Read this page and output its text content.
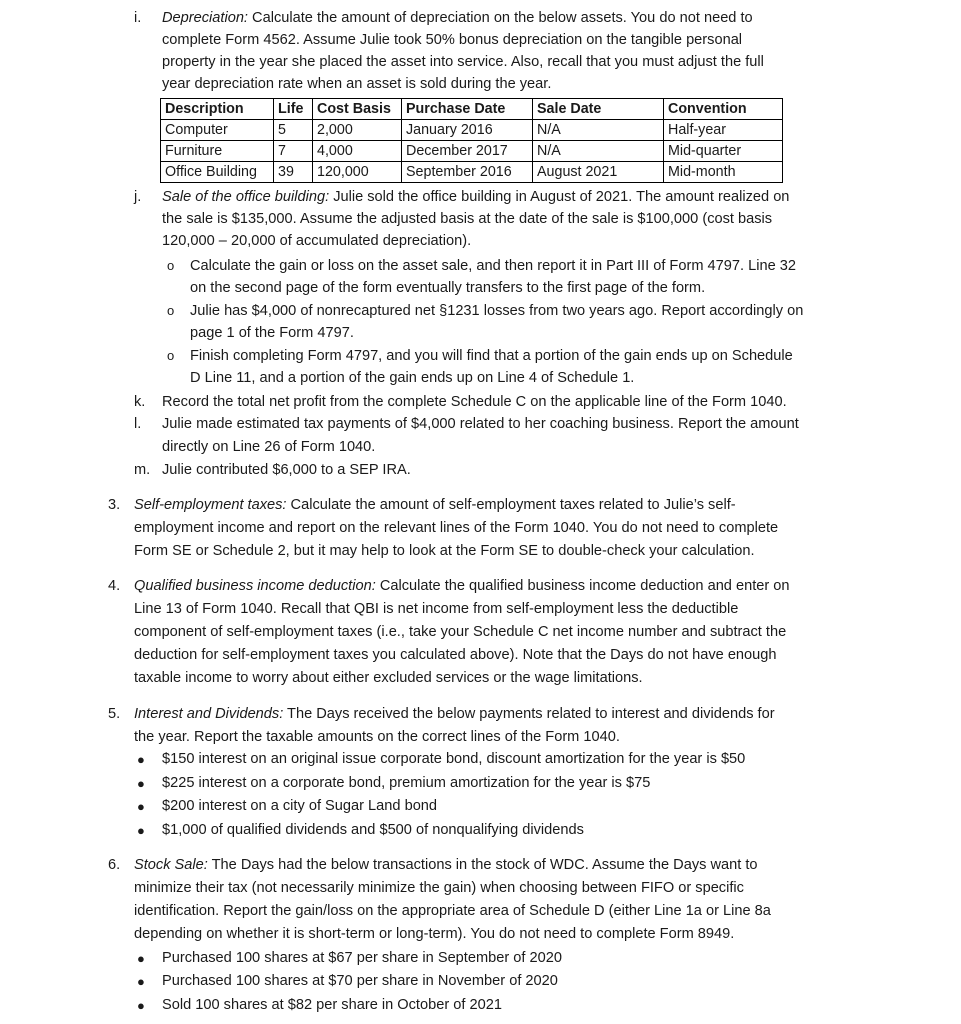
i. Depreciation: Calculate the amount of depreciation on the below assets. You do not need to
complete Form 4562. Assume Julie took 50% bonus depreciation on the tangible personal
property in the year she placed the asset into service. Also, recall that you must adjust the full
year depreciation rate when an asset is sold during the year.
Description	Life	Cost Basis	Purchase Date	Sale Date	Convention
Computer	5	2,000	January 2016	N/A	Half-year
Furniture	7	4,000	December 2017	N/A	Mid-quarter
Office Building	39	120,000	September 2016	August 2021	Mid-month
j. Sale of the office building: Julie sold the office building in August of 2021. The amount realized on
the sale is $135,000. Assume the adjusted basis at the date of the sale is $100,000 (cost basis
120,000 – 20,000 of accumulated depreciation).
o Calculate the gain or loss on the asset sale, and then report it in Part III of Form 4797. Line 32
on the second page of the form eventually transfers to the first page of the form.
o Julie has $4,000 of nonrecaptured net §1231 losses from two years ago. Report accordingly on
page 1 of the Form 4797.
o Finish completing Form 4797, and you will find that a portion of the gain ends up on Schedule
D Line 11, and a portion of the gain ends up on Line 4 of Schedule 1.
k. Record the total net profit from the complete Schedule C on the applicable line of the Form 1040.
l. Julie made estimated tax payments of $4,000 related to her coaching business. Report the amount
directly on Line 26 of Form 1040.
m. Julie contributed $6,000 to a SEP IRA.
3. Self-employment taxes: Calculate the amount of self-employment taxes related to Julie’s self-
employment income and report on the relevant lines of the Form 1040. You do not need to complete
Form SE or Schedule 2, but it may help to look at the Form SE to double-check your calculation.
4. Qualified business income deduction: Calculate the qualified business income deduction and enter on
Line 13 of Form 1040. Recall that QBI is net income from self-employment less the deductible
component of self-employment taxes (i.e., take your Schedule C net income number and subtract the
deduction for self-employment taxes you calculated above). Note that the Days do not have enough
taxable income to worry about either excluded services or the wage limitations.
5. Interest and Dividends: The Days received the below payments related to interest and dividends for
the year. Report the taxable amounts on the correct lines of the Form 1040.
● $150 interest on an original issue corporate bond, discount amortization for the year is $50
● $225 interest on a corporate bond, premium amortization for the year is $75
● $200 interest on a city of Sugar Land bond
● $1,000 of qualified dividends and $500 of nonqualifying dividends
6. Stock Sale: The Days had the below transactions in the stock of WDC. Assume the Days want to
minimize their tax (not necessarily minimize the gain) when choosing between FIFO or specific
identification. Report the gain/loss on the appropriate area of Schedule D (either Line 1a or Line 8a
depending on whether it is short-term or long-term). You do not need to complete Form 8949.
● Purchased 100 shares at $67 per share in September of 2020
● Purchased 100 shares at $70 per share in November of 2020
● Sold 100 shares at $82 per share in October of 2021
